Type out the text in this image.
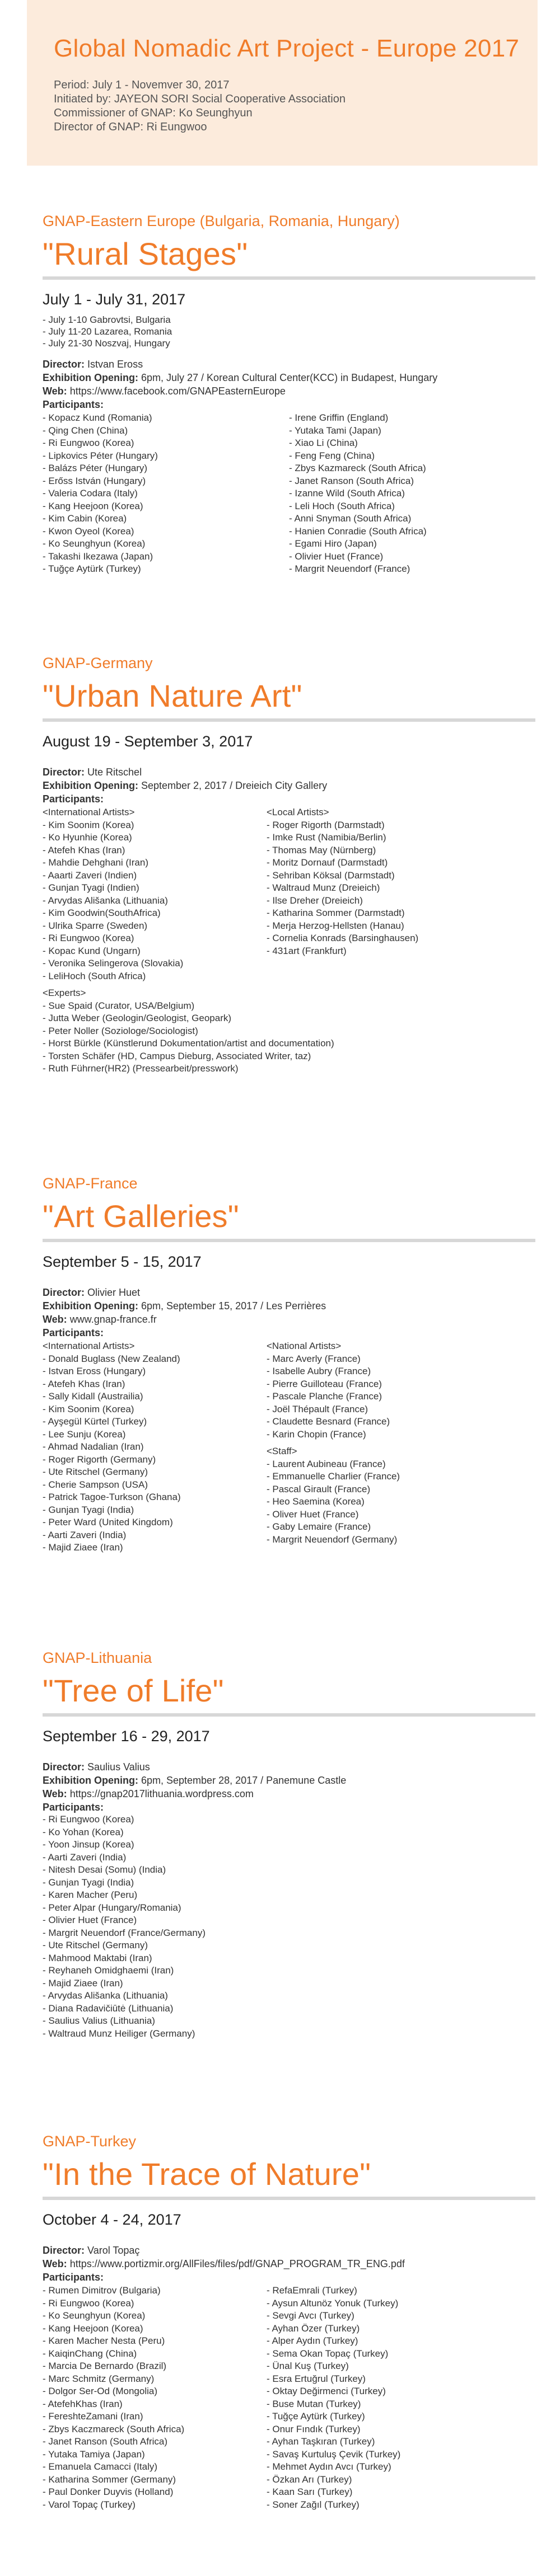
Global Nomadic Art Project - Europe 2017
Period: July 1 - Novemver 30, 2017
Initiated by: JAYEON SORI Social Cooperative Association
Commissioner of GNAP: Ko Seunghyun
Director of GNAP: Ri Eungwoo
GNAP-Eastern Europe (Bulgaria, Romania, Hungary)
"Rural Stages"
July 1 - July 31, 2017
- July 1-10 Gabrovtsi, Bulgaria
- July 11-20 Lazarea, Romania
- July 21-30 Noszvaj, Hungary
Director: Istvan Eross
Exhibition Opening: 6pm, July 27 / Korean Cultural Center(KCC) in Budapest, Hungary
Web: https://www.facebook.com/GNAPEasternEurope
Participants:
- Kopacz Kund (Romania)
- Qing Chen (China)
- Ri Eungwoo (Korea)
- Lipkovics Péter (Hungary)
- Balázs Péter (Hungary)
- Erőss István (Hungary)
- Valeria Codara (Italy)
- Kang Heejoon (Korea)
- Kim Cabin (Korea)
- Kwon Oyeol (Korea)
- Ko Seunghyun (Korea)
- Takashi Ikezawa (Japan)
- Tuğçe Aytürk (Turkey)
- Irene Griffin (England)
- Yutaka Tami (Japan)
- Xiao Li (China)
- Feng Feng (China)
- Zbys Kazmareck (South Africa)
- Janet Ranson (South Africa)
- Izanne Wild (South Africa)
- Leli Hoch (South Africa)
- Anni Snyman (South Africa)
- Hanien Conradie (South Africa)
- Egami Hiro (Japan)
- Olivier Huet (France)
- Margrit Neuendorf (France)
GNAP-Germany
"Urban Nature Art"
August 19 - September 3, 2017
Director: Ute Ritschel
Exhibition Opening: September 2, 2017 / Dreieich City Gallery
Participants:
<International Artists>
- Kim Soonim (Korea)
- Ko Hyunhie (Korea)
- Atefeh Khas (Iran)
- Mahdie Dehghani (Iran)
- Aaarti Zaveri (Indien)
- Gunjan Tyagi (Indien)
- Arvydas Ališanka (Lithuania)
- Kim Goodwin(SouthAfrica)
- Ulrika Sparre (Sweden)
- Ri Eungwoo (Korea)
- Kopac Kund (Ungarn)
- Veronika Selingerova (Slovakia)
- LeliHoch (South Africa)
<Local Artists>
- Roger Rigorth (Darmstadt)
- Imke Rust (Namibia/Berlin)
- Thomas May (Nürnberg)
- Moritz Dornauf (Darmstadt)
- Sehriban Köksal (Darmstadt)
- Waltraud Munz (Dreieich)
- Ilse Dreher (Dreieich)
- Katharina Sommer (Darmstadt)
- Merja Herzog-Hellsten (Hanau)
- Cornelia Konrads (Barsinghausen)
- 431art (Frankfurt)
<Experts>
- Sue Spaid (Curator, USA/Belgium)
- Jutta Weber (Geologin/Geologist, Geopark)
- Peter Noller (Soziologe/Sociologist)
- Horst Bürkle (Künstlerund Dokumentation/artist and documentation)
- Torsten Schäfer (HD, Campus Dieburg, Associated Writer, taz)
- Ruth Führner(HR2) (Pressearbeit/presswork)
GNAP-France
"Art Galleries"
September 5 - 15, 2017
Director: Olivier Huet
Exhibition Opening: 6pm, September 15, 2017 / Les Perrières
Web: www.gnap-france.fr
Participants:
<International Artists>
- Donald Buglass (New Zealand)
- Istvan Eross (Hungary)
- Atefeh Khas (Iran)
- Sally Kidall (Austrailia)
- Kim Soonim (Korea)
- Ayşegül Kürtel (Turkey)
- Lee Sunju (Korea)
- Ahmad Nadalian (Iran)
- Roger Rigorth (Germany)
- Ute Ritschel (Germany)
- Cherie Sampson (USA)
- Patrick Tagoe-Turkson (Ghana)
- Gunjan Tyagi (India)
- Peter Ward (United Kingdom)
- Aarti Zaveri (India)
- Majid Ziaee (Iran)
<National Artists>
- Marc Averly (France)
- Isabelle Aubry (France)
- Pierre Guilloteau (France)
- Pascale Planche (France)
- Joël Thépault (France)
- Claudette Besnard (France)
- Karin Chopin (France)
<Staff>
- Laurent Aubineau (France)
- Emmanuelle Charlier (France)
- Pascal Girault (France)
- Heo Saemina (Korea)
- Oliver Huet (France)
- Gaby Lemaire (France)
- Margrit Neuendorf (Germany)
GNAP-Lithuania
"Tree of Life"
September 16 - 29, 2017
Director: Saulius Valius
Exhibition Opening: 6pm, September 28, 2017 / Panemune Castle
Web: https://gnap2017lithuania.wordpress.com
Participants:
- Ri Eungwoo (Korea)
- Ko Yohan (Korea)
- Yoon Jinsup (Korea)
- Aarti Zaveri (India)
- Nitesh Desai (Somu) (India)
- Gunjan Tyagi (India)
- Karen Macher (Peru)
- Peter Alpar (Hungary/Romania)
- Olivier Huet (France)
- Margrit Neuendorf (France/Germany)
- Ute Ritschel (Germany)
- Mahmood Maktabi (Iran)
- Reyhaneh Omidghaemi (Iran)
- Majid Ziaee (Iran)
- Arvydas Ališanka (Lithuania)
- Diana Radavičiūtė (Lithuania)
- Saulius Valius (Lithuania)
- Waltraud Munz Heiliger (Germany)
GNAP-Turkey
"In the Trace of Nature"
October 4 - 24, 2017
Director: Varol Topaç
Web: https://www.portizmir.org/AllFiles/files/pdf/GNAP_PROGRAM_TR_ENG.pdf
Participants:
- Rumen Dimitrov (Bulgaria)
- Ri Eungwoo (Korea)
- Ko Seunghyun (Korea)
- Kang Heejoon (Korea)
- Karen Macher Nesta (Peru)
- KaiqinChang (China)
- Marcia De Bernardo (Brazil)
- Marc Schmitz (Germany)
- Dolgor Ser-Od (Mongolia)
- AtefehKhas (Iran)
- FereshteZamani (Iran)
- Zbys Kaczmareck (South Africa)
- Janet Ranson (South Africa)
- Yutaka Tamiya (Japan)
- Emanuela Camacci (Italy)
- Katharina Sommer (Germany)
- Paul Donker Duyvis (Holland)
- Varol Topaç (Turkey)
- RefaEmrali (Turkey)
- Aysun Altunöz Yonuk (Turkey)
- Sevgi Avcı (Turkey)
- Ayhan Özer (Turkey)
- Alper Aydın (Turkey)
- Sema Okan Topaç (Turkey)
- Ünal Kuş (Turkey)
- Esra Ertuğrul (Turkey)
- Oktay Değirmenci (Turkey)
- Buse Mutan (Turkey)
- Tuğçe Aytürk (Turkey)
- Onur Fındık (Turkey)
- Ayhan Taşkıran (Turkey)
- Savaş Kurtuluş Çevik (Turkey)
- Mehmet Aydın Avcı (Turkey)
- Özkan Arı (Turkey)
- Kaan Sarı (Turkey)
- Soner Zağıl (Turkey)
